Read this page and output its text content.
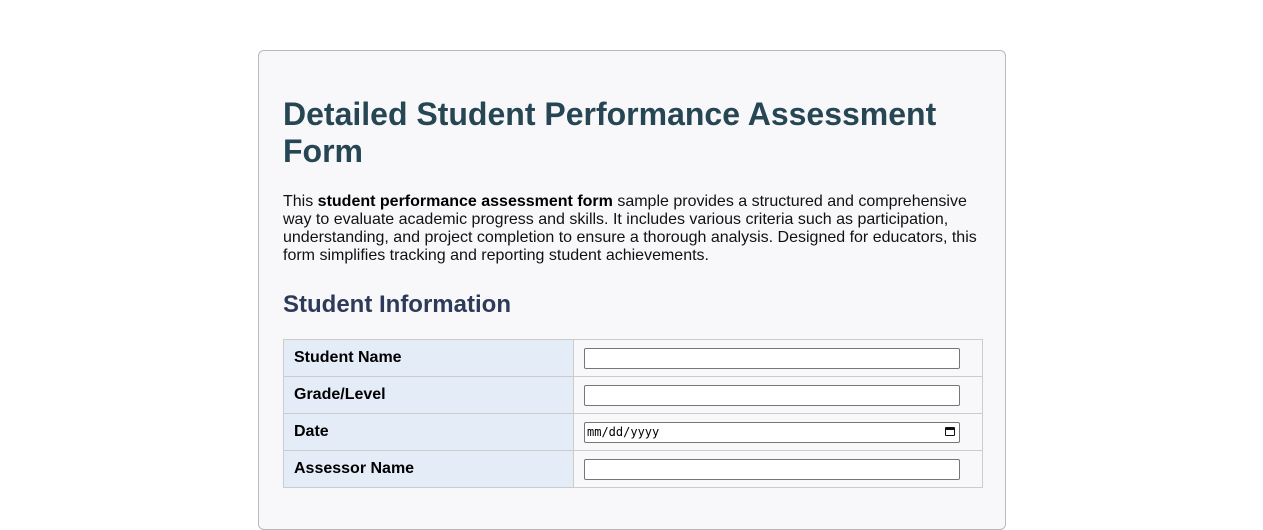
Detailed Student Performance Assessment Form

This student performance assessment form sample provides a structured and comprehensive way to evaluate academic progress and skills. It includes various criteria such as participation, understanding, and project completion to ensure a thorough analysis. Designed for educators, this form simplifies tracking and reporting student achievements.

Student Information
Student Name	

Grade/Level	

Date	mm/dd/yyyy

Assessor Name	
